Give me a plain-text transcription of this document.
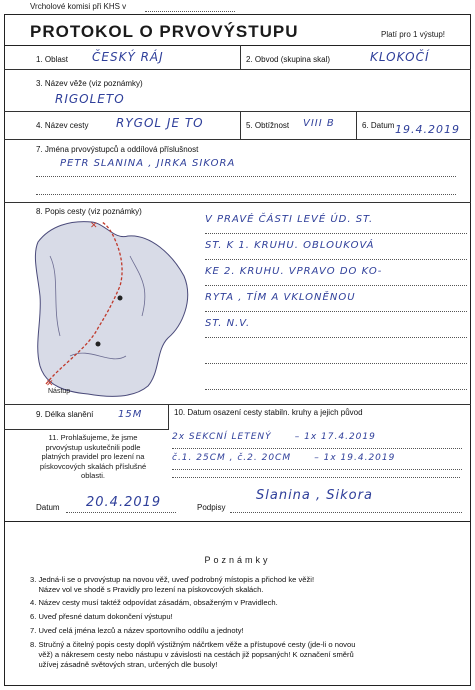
Vrcholové komisi při KHS v
PROTOKOL O PRVOVÝSTUPU	Platí pro 1 výstup!
1. Oblast ČESKÝ RÁJ	2. Obvod (skupina skal)	KLOKOČÍ
3. Název věže (viz poznámky)
RIGOLETO
4. Název cesty RYGOL JE TO	5. Obtížnost VIII B	6. Datum 19.4.2019
7. Jména prvovýstupců a oddílová příslušnost
PETR SLANINA , JIRKA SIKORA
8. Popis cesty (viz poznámky)
✕
✕
Nástup
V PRAVÉ ČÁSTI LEVÉ ÚD. ST.
ST. K 1. KRUHU. OBLOUKOVÁ
KE 2. KRUHU. VPRAVO DO KO-
RYTA , TÍM A VKLONĚNOU
ST. N.V.
9. Délka slanění 15M	10. Datum osazení cesty stabiln. kruhy a jejich původ
2x SEKCNÍ LETENÝ      – 1x 17.4.2019
č.1. 25CM , č.2. 20CM      – 1x 19.4.2019
11. Prohlašujeme, že jsme prvovýstup uskutečnili podle platných pravidel pro lezení na pískovcových skalách příslušné oblasti.
Datum 20.4.2019	Podpisy
Slanina , Sikora
Poznámky
3. Jedná-li se o prvovýstup na novou věž, uveď podrobný místopis a přichod ke věži!
Název vol ve shodě s Pravidly pro lezení na pískovcových skalách.
4. Název cesty musí taktéž odpovídat zásadám, obsaženým v Pravidlech.
6. Uveď přesné datum dokončení výstupu!
7. Uveď celá jména lezců a název sportovního oddílu a jednoty!
8. Stručný a čitelný popis cesty doplň výstižným náčrtkem věže a přístupové cesty (jde-li o novou
věž) a nákresem cesty nebo nástupu v závislosti na cestách již popsaných! K označení směrů
užívej zásadně světových stran, určených dle busoly!
